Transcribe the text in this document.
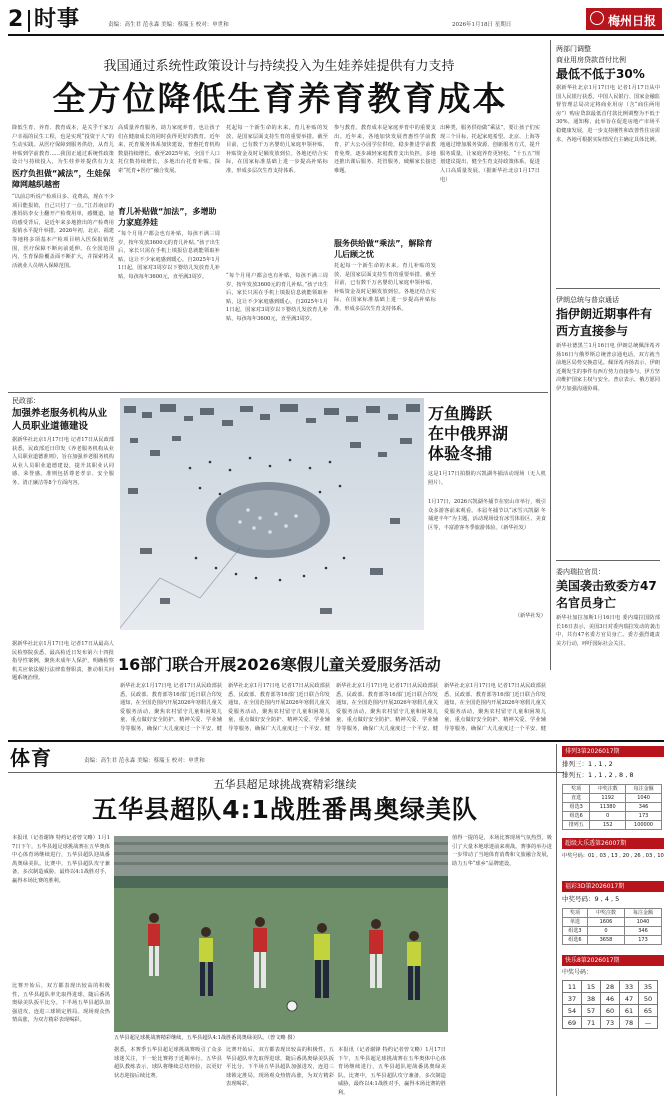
2 时事	责编：高生君 范永森 美编：蔡瑞玉 校对：申世和	2026年1月18日 星期日	梅州日报
我国通过系统性政策设计与持续投入为生娃养娃提供有力支持
全方位降低生育养育教育成本
降低生育、养育、教育成本，是关乎千家万户幸福的民生工程，也是实现“投资于人”的生动实践。从医疗保障到服务供给，从育儿补贴到学前教育……我国正通过系统性政策设计与持续投入，为生娃养娃提供有力支
医疗负担做“减法”，生娃保障网越织越密
“以前总听说产检项目多、花费高，现在不少项目能报销，自己只付了一点。”江苏南京的准妈妈李女士翻开产检费用单，感慨道。她的感受背后，是近年来多地推出的产检费用报销水平提升举措。2026年初，北京、福建等地将多项基本产检项目纳入医保报销范围，医疗保障不断向前延伸。在全国范围内，生育保险覆盖面不断扩大，并探索将灵活就业人员纳入保障范围。
高质量养育服务，助力家庭养育，也让孩子们在健康成长的同时获得更好的教育。近年来，托育服务体系加快建设，普惠托育机构数量持续增长。截至2025年底，全国千人口托位数持续增长，多地出台托育补贴，探索“托育+医疗”融合发展。
育儿补贴做“加法”，多增助力家庭养娃
“每个月用户都会也有补贴，每孩不满三周岁，按年发放3600元的育儿补贴。”孩子出生后，家长只需在手机上填报信息就能领取补贴，这让不少家庭感到暖心。自2025年1月1日起，国家对3周岁以下婴幼儿发放育儿补贴，每孩每年3600元，直至满3周岁。
托起每一个新生命的未来。育儿补贴的发放，是国家层面支持生育的重要举措。截至目前，已有数千万名婴幼儿家庭申领补贴，补贴资金及时足额发放到位。各地还结合实际，在国家标准基础上进一步提高补贴标准，形成多层次生育支持体系。
服务供给做“乘法”，解除育儿后顾之忧
“每个月用户都会也有补贴，每孩不满三周岁，按年发放3600元的育儿补贴。”孩子出生后，家长只需在手机上填报信息就能领取补贴，这让不少家庭感到暖心。自2025年1月1日起，国家对3周岁以下婴幼儿发放育儿补贴，每孩每年3600元，直至满3周岁。
参与教育。教育成本是家庭养育中的重要支出。近年来，各地加快发展普惠性学前教育，扩大公办园学位供给，稳步推进学前教育免费，逐步减轻家庭教育支出负担。多地还推出课后服务、托管服务，破解家长接送难题。
托起每一个新生命的未来。育儿补贴的发放，是国家层面支持生育的重要举措。截至目前，已有数千万名婴幼儿家庭申领补贴，补贴资金及时足额发放到位。各地还结合实际，在国家标准基础上进一步提高补贴标准，形成多层次生育支持体系。
出种类，服务供给做“乘法”，要让孩子们实现三个目标，托起家庭希望。北京、上海等地通过增加服务资源、创新服务方式，提升服务质量，让家庭养育更轻松。“十五五”规划建议提出，健全生育支持政策体系，促进人口高质量发展。（据新华社北京1月17日电）
两部门调整
商业用房贷款首付比例
最低不低于30%
据新华社北京1月17日电 记者1月17日从中国人民银行获悉，中国人民银行、国家金融监督管理总局决定将商业用房（含“商住两用房”）购房贷款最低首付款比例调整为不低于30%。通知称，此举旨在促进房地产市场平稳健康发展，进一步支持刚性和改善性住房需求，各地可根据实际情况自主确定具体比例。
伊朗总统与普京通话
指伊朗近期事件有西方直接参与
新华社德黑兰1月16日电 伊朗总统佩泽希齐扬16日与俄罗斯总统普京通电话，双方就当前地区局势交换意见。佩泽希齐扬表示，伊朗近期发生的事件有西方势力直接参与，伊方坚决维护国家主权与安全。普京表示，俄方愿同伊方加强沟通协调。
委内瑞拉官员：
美国袭击致委方47名官员身亡
新华社加拉加斯1月16日电 委内瑞拉国防部长16日表示，美国3日对委内瑞拉发动的袭击中，共有47名委方官员身亡。委方强烈谴责美方行动，呼吁国际社会关注。
民政部：
加强养老服务机构从业人员职业道德建设
据新华社北京1月17日电 记者17日从民政部获悉，民政部近日印发《养老服务机构从业人员职业道德准则》，旨在加强养老服务机构从业人员职业道德建设，提升其职业认同感、荣誉感。准则包括尊老孝亲、安全服务、清正廉洁等8个方面内容。
据新华社北京1月17日电 记者17日从最高人民检察院获悉，最高检近日发布第六十四批指导性案例，聚焦未成年人保护，明确检察机关应依法履行法律监督职责，推动相关问题系统治理。
万鱼腾跃
在中俄界湖
体验冬捕
这是1月17日拍摄的兴凯湖冬捕活动现场（无人机照片）。
1月17日，2026兴凯湖冬捕节在密山市举行，吸引众多游客前来观看。本届冬捕节以“冰雪兴凯湖 冬捕迎丰年”为主题，活动现场设有冰雪体验区、美食区等，丰富游客冬季旅游体验。（新华社发）
（新华社发）
16部门联合开展2026寒假儿童关爱服务活动
新华社北京1月17日电 记者17日从民政部获悉，民政部、教育部等16部门近日联合印发通知，在全国范围内开展2026年寒假儿童关爱服务活动，聚焦农村留守儿童和困境儿童，重点做好安全防护、精神关爱、学业辅导等服务，确保广大儿童度过一个平安、健
新华社北京1月17日电 记者17日从民政部获悉，民政部、教育部等16部门近日联合印发通知，在全国范围内开展2026年寒假儿童关爱服务活动，聚焦农村留守儿童和困境儿童，重点做好安全防护、精神关爱、学业辅导等服务，确保广大儿童度过一个平安、健
新华社北京1月17日电 记者17日从民政部获悉，民政部、教育部等16部门近日联合印发通知，在全国范围内开展2026年寒假儿童关爱服务活动，聚焦农村留守儿童和困境儿童，重点做好安全防护、精神关爱、学业辅导等服务，确保广大儿童度过一个平安、健
新华社北京1月17日电 记者17日从民政部获悉，民政部、教育部等16部门近日联合印发通知，在全国范围内开展2026年寒假儿童关爱服务活动，聚焦农村留守儿童和困境儿童，重点做好安全防护、精神关爱、学业辅导等服务，确保广大儿童度过一个平安、健
体育	责编：高生君 范永森 美编：蔡瑞玉 校对：申世和
五华县超足球挑战赛精彩继续
五华县超队4:1战胜番禺奥绿美队
本报讯（记者谢锋 特约记者曾文略）1月17日下午，五华县超足球挑战赛在五华奥体中心体育场继续进行，五华县超队迎战番禺奥绿美队。比赛中，五华县超队攻守兼备，多次制造威胁，最终以4:1战胜对手，赢得本场比赛的胜利。
比赛开始后，双方都表现出较高的积极性，五华县超队率先取得进球，随后番禺奥绿美队扳平比分。下半场五华县超队加强进攻，连进三球锁定胜局。现场观众热情高涨，为双方精彩表现喝彩。
五华县超足球挑战赛精彩继续，五华县超队4:1战胜番禺奥绿美队。（曾文略 摄）
据悉，本赛季五华县超足球挑战赛吸引了众多球迷关注，下一轮比赛将于近期举行。五华县超队教练表示，球队将继续总结经验，以更好状态迎接后续比赛。
比赛开始后，双方都表现出较高的积极性，五华县超队率先取得进球，随后番禺奥绿美队扳平比分。下半场五华县超队加强进攻，连进三球锁定胜局。现场观众热情高涨，为双方精彩表现喝彩。
本报讯（记者谢锋 特约记者曾文略）1月17日下午，五华县超足球挑战赛在五华奥体中心体育场继续进行，五华县超队迎战番禺奥绿美队。比赛中，五华县超队攻守兼备，多次制造威胁，最终以4:1战胜对手，赢得本场比赛的胜利。
值得一提的是，本场比赛现场气氛热烈，吸引了大量本地球迷前来观战。赛事的举办进一步带动了当地体育消费和文旅融合发展，助力五华“球乡”品牌建设。
排列3第2026017期
排列三：1 , 1 , 2
排列五：1 , 1 , 2 , 8 , 8
奖项	中奖注数	每注金额
直选	1192	1040
组选3	11380	346
组选6	0	173
排列五	152	100000
超级大乐透第26007期
中奖号码：01 , 03 , 13 , 20 , 26 , 03 , 10
福彩3D第2026017期
中奖号码：9 , 4 , 5
奖项	中奖注数	每注金额
单选	1606	1040
组选3	0	346
组选6	3658	173
快乐8第2026017期
中奖号码：
11	15	28	33	35
37	38	46	47	50
54	57	60	61	65
69	71	73	78	—
